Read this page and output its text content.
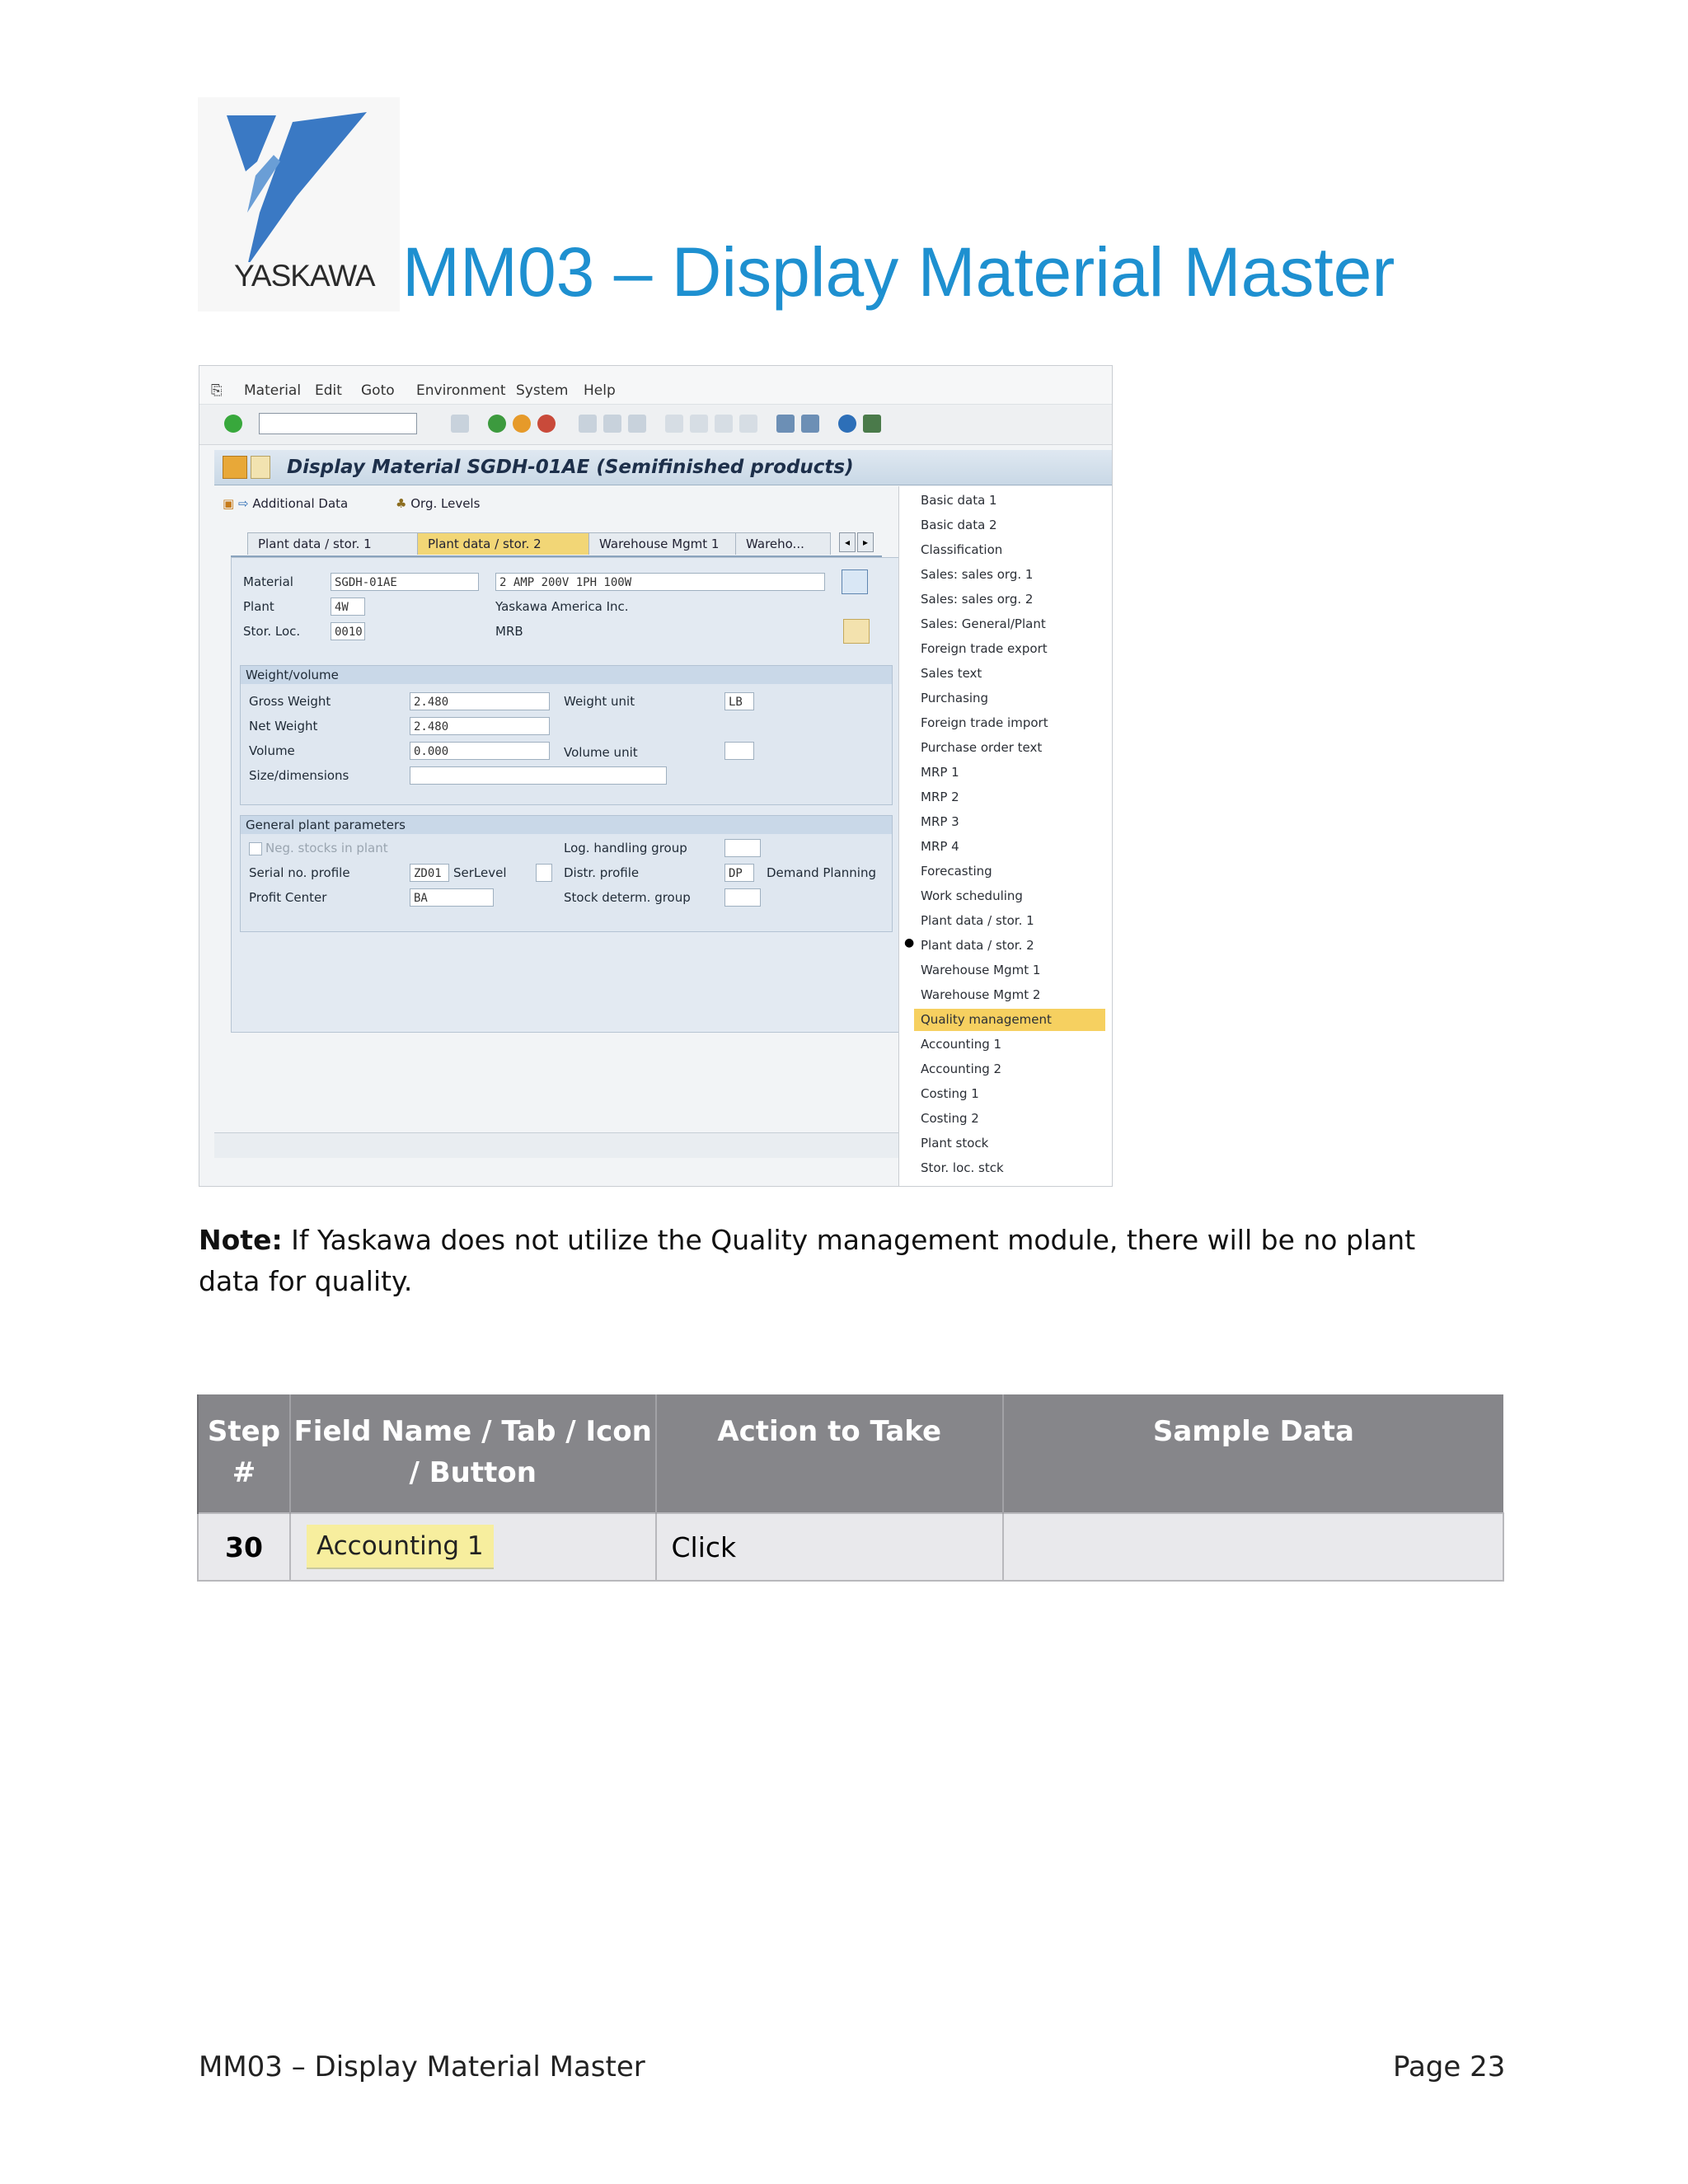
YASKAWA MM03 – Display Material Master
⎘ Material Edit Goto Environment System Help
Display Material SGDH-01AE (Semifinished products)
▣ ⇨ Additional Data	♣ Org. Levels
Plant data / stor. 1	Plant data / stor. 2	Warehouse Mgmt 1	Wareho...	◂	▸
Material	SGDH-01AE	2 AMP 200V 1PH 100W
Plant	4W	Yaskawa America Inc.
Stor. Loc.	0010	MRB
Weight/volume
Gross Weight	2.480	Weight unit	LB
Net Weight	2.480
Volume	0.000	Volume unit
Size/dimensions
General plant parameters
Neg. stocks in plant	Log. handling group
Serial no. profile	ZD01 SerLevel	Distr. profile	DP	Demand Planning
Profit Center	BA	Stock determ. group
Basic data 1
Basic data 2
Classification
Sales: sales org. 1
Sales: sales org. 2
Sales: General/Plant
Foreign trade export
Sales text
Purchasing
Foreign trade import
Purchase order text
MRP 1
MRP 2
MRP 3
MRP 4
Forecasting
Work scheduling
Plant data / stor. 1
● Plant data / stor. 2
Warehouse Mgmt 1
Warehouse Mgmt 2
Quality management
Accounting 1
Accounting 2
Costing 1
Costing 2
Plant stock
Stor. loc. stck
Note: If Yaskawa does not utilize the Quality management module, there will be no plant data for quality.
Step #	Field Name / Tab / Icon / Button	Action to Take	Sample Data
30	Accounting 1	Click	
MM03 – Display Material Master	Page 23
